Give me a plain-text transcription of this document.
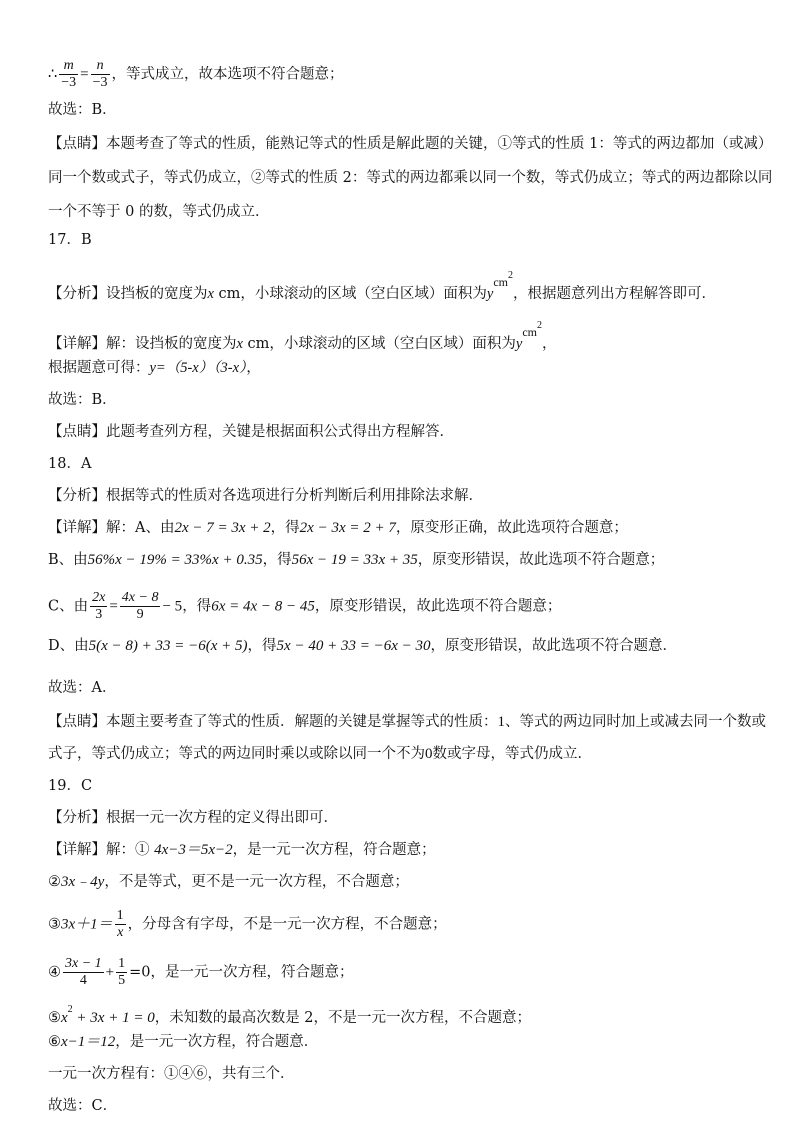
∴ $\frac{m}{-3} = \frac{n}{-3}$ ，等式成立，故本选项不符合题意；
故选：B．
【点睛】本题考查了等式的性质，能熟记等式的性质是解此题的关键，①等式的性质 1：等式的两边都加（或减）
同一个数或式子，等式仍成立，②等式的性质 2：等式的两边都乘以同一个数，等式仍成立；等式的两边都除以同
一个不等于 0 的数，等式仍成立．
17．B
【分析】设挡板的宽度为x cm，小球滚动的区域（空白区域）面积为$y^{cm2}$，根据题意列出方程解答即可．
【详解】解：设挡板的宽度为x cm，小球滚动的区域（空白区域）面积为$y^{cm2}$，
根据题意可得：y=（5-x）（3-x），
故选：B．
【点睛】此题考查列方程，关键是根据面积公式得出方程解答．
18．A
【分析】根据等式的性质对各选项进行分析判断后利用排除法求解．
【详解】解：A、由2x − 7 = 3x + 2，得2x − 3x = 2 + 7，原变形正确，故此选项符合题意；
B、由56%x − 19% = 33%x + 0.35，得56x − 19 = 33x + 35，原变形错误，故此选项不符合题意；
C、由 $\frac{2x}{3} = \frac{4x - 8}{9} - 5$，得6x = 4x − 8 − 45，原变形错误，故此选项不符合题意；
D、由5(x − 8) + 33 = −6(x + 5)，得5x − 40 + 33 = −6x − 30，原变形错误，故此选项不符合题意．
故选：A．
【点睛】本题主要考查了等式的性质．解题的关键是掌握等式的性质：1、等式的两边同时加上或减去同一个数或
式子，等式仍成立；等式的两边同时乘以或除以同一个不为0数或字母，等式仍成立．
19．C
【分析】根据一元一次方程的定义得出即可．
【详解】解：① 4x−3＝5x−2，是一元一次方程，符合题意；
②3x﹣4y，不是等式，更不是一元一次方程，不合题意；
③3x＋1＝ $\frac{1}{x}$ ，分母含有字母，不是一元一次方程，不合题意；
④ $\frac{3x - 1}{4} + \frac{1}{5} =0$，是一元一次方程，符合题意；
$⑤x^2 + 3x + 1 = 0$，未知数的最高次数是 2，不是一元一次方程，不合题意；
⑥x−1＝12，是一元一次方程，符合题意．
一元一次方程有：①④⑥，共有三个．
故选：C．
